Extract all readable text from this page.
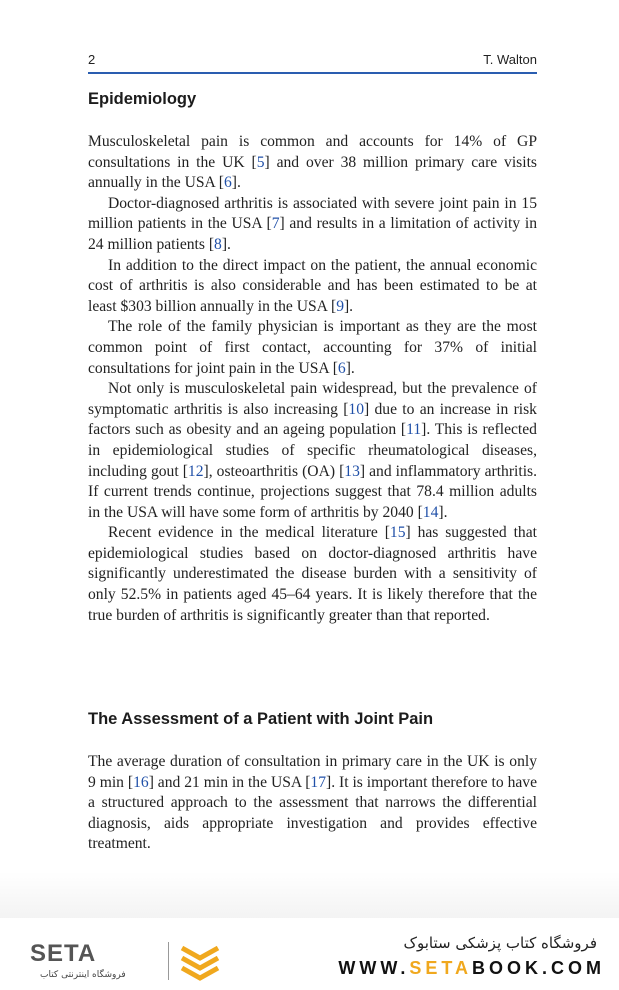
2	T. Walton
Epidemiology

Musculoskeletal pain is common and accounts for 14% of GP consultations in the UK [5] and over 38 million primary care visits annually in the USA [6].

Doctor-diagnosed arthritis is associated with severe joint pain in 15 million patients in the USA [7] and results in a limitation of activity in 24 million patients [8].

In addition to the direct impact on the patient, the annual economic cost of arthritis is also considerable and has been estimated to be at least $303 billion annually in the USA [9].

The role of the family physician is important as they are the most common point of first contact, accounting for 37% of initial consultations for joint pain in the USA [6].

Not only is musculoskeletal pain widespread, but the prevalence of symptomatic arthritis is also increasing [10] due to an increase in risk factors such as obesity and an ageing population [11]. This is reflected in epidemiological studies of specific rheumatological diseases, including gout [12], osteoarthritis (OA) [13] and inflammatory arthritis. If current trends continue, projections suggest that 78.4 million adults in the USA will have some form of arthritis by 2040 [14].

Recent evidence in the medical literature [15] has suggested that epidemiological studies based on doctor-diagnosed arthritis have significantly underestimated the disease burden with a sensitivity of only 52.5% in patients aged 45–64 years. It is likely therefore that the true burden of arthritis is significantly greater than that reported.

The Assessment of a Patient with Joint Pain

The average duration of consultation in primary care in the UK is only 9 min [16] and 21 min in the USA [17]. It is important therefore to have a structured approach to the assessment that narrows the differential diagnosis, aids appropriate investigation and provides effective treatment.

SETA
فروشگاه اینترنتی کتاب
فروشگاه کتاب پزشکی ستابوک
WWW.SETABOOK.COM
